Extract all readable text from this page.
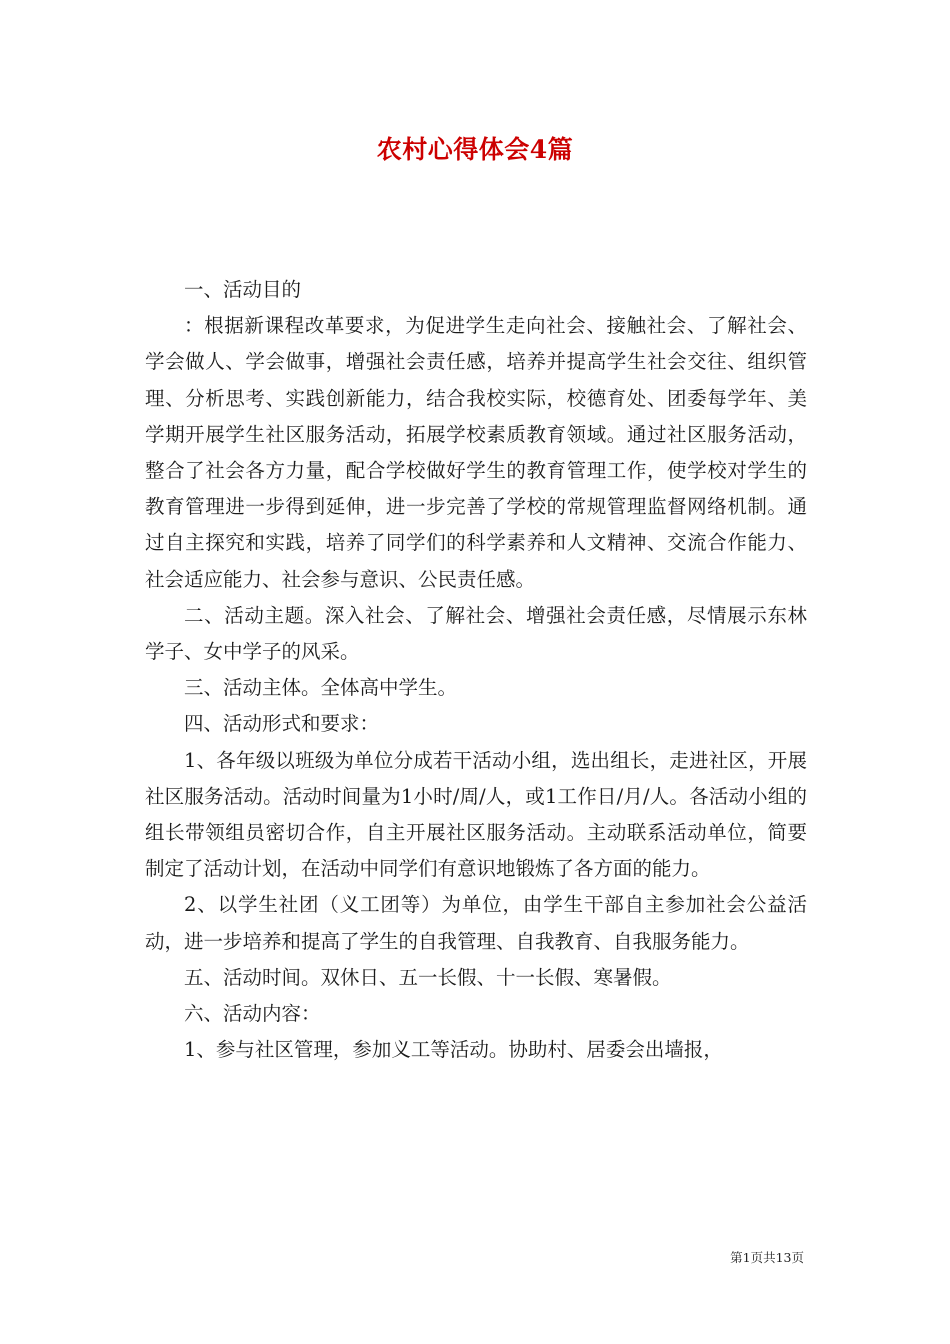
农村心得体会4篇

一、活动目的

：根据新课程改革要求，为促进学生走向社会、接触社会、了解社会、学会做人、学会做事，增强社会责任感，培养并提高学生社会交往、组织管理、分析思考、实践创新能力，结合我校实际，校德育处、团委每学年、美学期开展学生社区服务活动，拓展学校素质教育领域。通过社区服务活动，整合了社会各方力量，配合学校做好学生的教育管理工作，使学校对学生的教育管理进一步得到延伸，进一步完善了学校的常规管理监督网络机制。通过自主探究和实践，培养了同学们的科学素养和人文精神、交流合作能力、社会适应能力、社会参与意识、公民责任感。

二、活动主题。深入社会、了解社会、增强社会责任感，尽情展示东林学子、女中学子的风采。

三、活动主体。全体高中学生。

四、活动形式和要求：

1、各年级以班级为单位分成若干活动小组，选出组长，走进社区，开展社区服务活动。活动时间量为1小时/周/人，或1工作日/月/人。各活动小组的组长带领组员密切合作，自主开展社区服务活动。主动联系活动单位，简要制定了活动计划，在活动中同学们有意识地锻炼了各方面的能力。

2、以学生社团（义工团等）为单位，由学生干部自主参加社会公益活动，进一步培养和提高了学生的自我管理、自我教育、自我服务能力。

五、活动时间。双休日、五一长假、十一长假、寒暑假。

六、活动内容：

1、参与社区管理，参加义工等活动。协助村、居委会出墙报，

第1页共13页
